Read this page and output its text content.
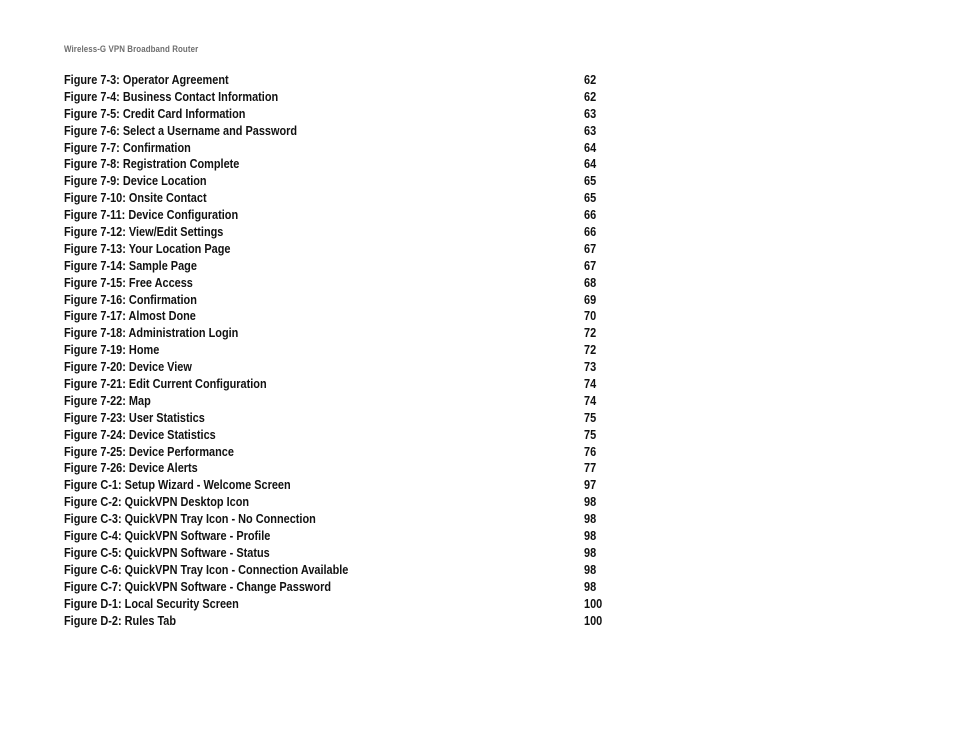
Wireless-G VPN Broadband Router
Figure 7-3: Operator Agreement	62
Figure 7-4: Business Contact Information	62
Figure 7-5: Credit Card Information	63
Figure 7-6: Select a Username and Password	63
Figure 7-7: Confirmation	64
Figure 7-8: Registration Complete	64
Figure 7-9: Device Location	65
Figure 7-10: Onsite Contact	65
Figure 7-11: Device Configuration	66
Figure 7-12: View/Edit Settings	66
Figure 7-13: Your Location Page	67
Figure 7-14: Sample Page	67
Figure 7-15: Free Access	68
Figure 7-16: Confirmation	69
Figure 7-17: Almost Done	70
Figure 7-18: Administration Login	72
Figure 7-19: Home	72
Figure 7-20: Device View	73
Figure 7-21: Edit Current Configuration	74
Figure 7-22: Map	74
Figure 7-23: User Statistics	75
Figure 7-24: Device Statistics	75
Figure 7-25: Device Performance	76
Figure 7-26: Device Alerts	77
Figure C-1: Setup Wizard - Welcome Screen	97
Figure C-2: QuickVPN Desktop Icon	98
Figure C-3: QuickVPN Tray Icon - No Connection	98
Figure C-4: QuickVPN Software - Profile	98
Figure C-5: QuickVPN Software - Status	98
Figure C-6: QuickVPN Tray Icon - Connection Available	98
Figure C-7: QuickVPN Software - Change Password	98
Figure D-1: Local Security Screen	100
Figure D-2: Rules Tab	100
